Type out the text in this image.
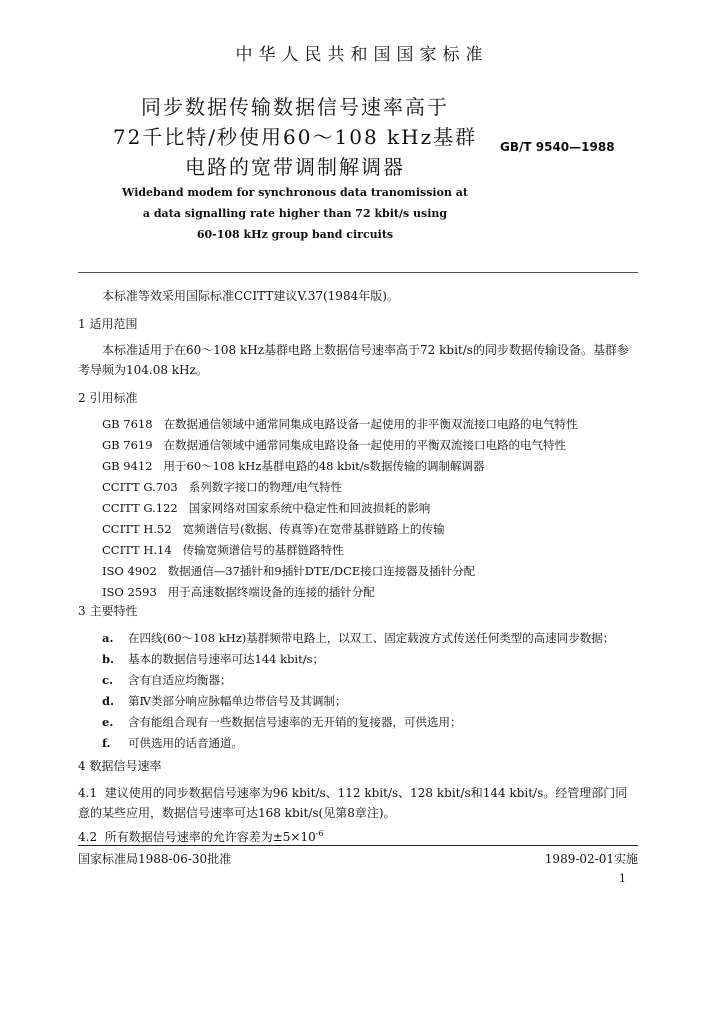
中华人民共和国国家标准
同步数据传输数据信号速率高于
72千比特/秒使用60～108 kHz基群
电路的宽带调制解调器
GB/T 9540—1988
Wideband modem for synchronous data tranomission at
a data signalling rate higher than 72 kbit/s using
60-108 kHz group band circuits
本标准等效采用国际标准CCITT建议V.37(1984年版)。
1 适用范围
本标准适用于在60～108 kHz基群电路上数据信号速率高于72 kbit/s的同步数据传输设备。基群参考导频为104.08 kHz。
2 引用标准
GB 7618 在数据通信领域中通常同集成电路设备一起使用的非平衡双流接口电路的电气特性
GB 7619 在数据通信领域中通常同集成电路设备一起使用的平衡双流接口电路的电气特性
GB 9412 用于60～108 kHz基群电路的48 kbit/s数据传输的调制解调器
CCITT G.703 系列数字接口的物理/电气特性
CCITT G.122 国家网络对国家系统中稳定性和回波损耗的影响
CCITT H.52 宽频谱信号(数据、传真等)在宽带基群链路上的传输
CCITT H.14 传输宽频谱信号的基群链路特性
ISO 4902 数据通信—37插针和9插针DTE/DCE接口连接器及插针分配
ISO 2593 用于高速数据终端设备的连接的插针分配
3 主要特性
a. 在四线(60～108 kHz)基群频带电路上，以双工、固定载波方式传送任何类型的高速同步数据；
b. 基本的数据信号速率可达144 kbit/s；
c. 含有自适应均衡器；
d. 第Ⅳ类部分响应脉幅单边带信号及其调制；
e. 含有能组合现有一些数据信号速率的无开销的复接器，可供选用；
f. 可供选用的话音通道。
4 数据信号速率
4.1 建议使用的同步数据信号速率为96 kbit/s、112 kbit/s、128 kbit/s和144 kbit/s。经管理部门同意的某些应用，数据信号速率可达168 kbit/s(见第8章注)。
4.2 所有数据信号速率的允许容差为$\pm 5\times 10^{-6}$
国家标准局1988-06-30批准	1989-02-01实施
1
